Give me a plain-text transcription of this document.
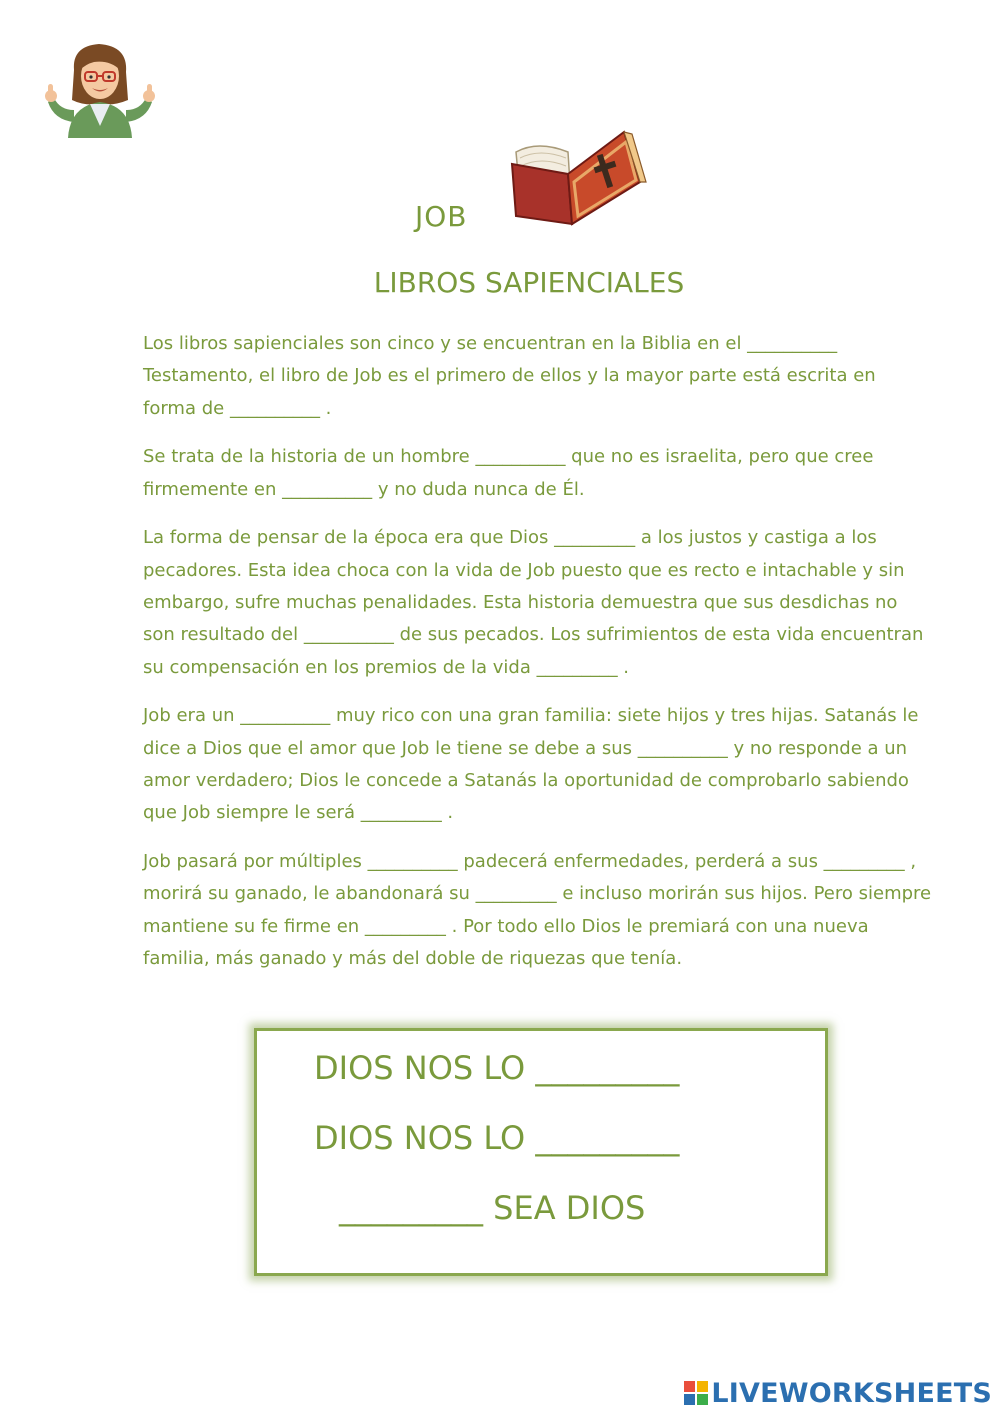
JOB
LIBROS SAPIENCIALES

Los libros sapienciales son cinco y se encuentran en la Biblia en el __________ Testamento, el libro de Job es el primero de ellos y la mayor parte está escrita en forma de __________ .

Se trata de la historia de un hombre __________ que no es israelita, pero que cree firmemente en __________ y no duda nunca de Él.

La forma de pensar de la época era que Dios _________ a los justos y castiga a los pecadores. Esta idea choca con la vida de Job puesto que es recto e intachable y sin embargo, sufre muchas penalidades. Esta historia demuestra que sus desdichas no son resultado del __________ de sus pecados. Los sufrimientos de esta vida encuentran su compensación en los premios de la vida _________ .

Job era un __________ muy rico con una gran familia: siete hijos y tres hijas. Satanás le dice a Dios que el amor que Job le tiene se debe a sus __________ y no responde a un amor verdadero; Dios le concede a Satanás la oportunidad de comprobarlo sabiendo que Job siempre le será _________ .

Job pasará por múltiples __________ padecerá enfermedades, perderá a sus _________ , morirá su ganado, le abandonará su _________ e incluso morirán sus hijos. Pero siempre mantiene su fe firme en _________ . Por todo ello Dios le premiará con una nueva familia, más ganado y más del doble de riquezas que tenía.

DIOS NOS LO _________

DIOS NOS LO _________

_________ SEA DIOS

LIVEWORKSHEETS
